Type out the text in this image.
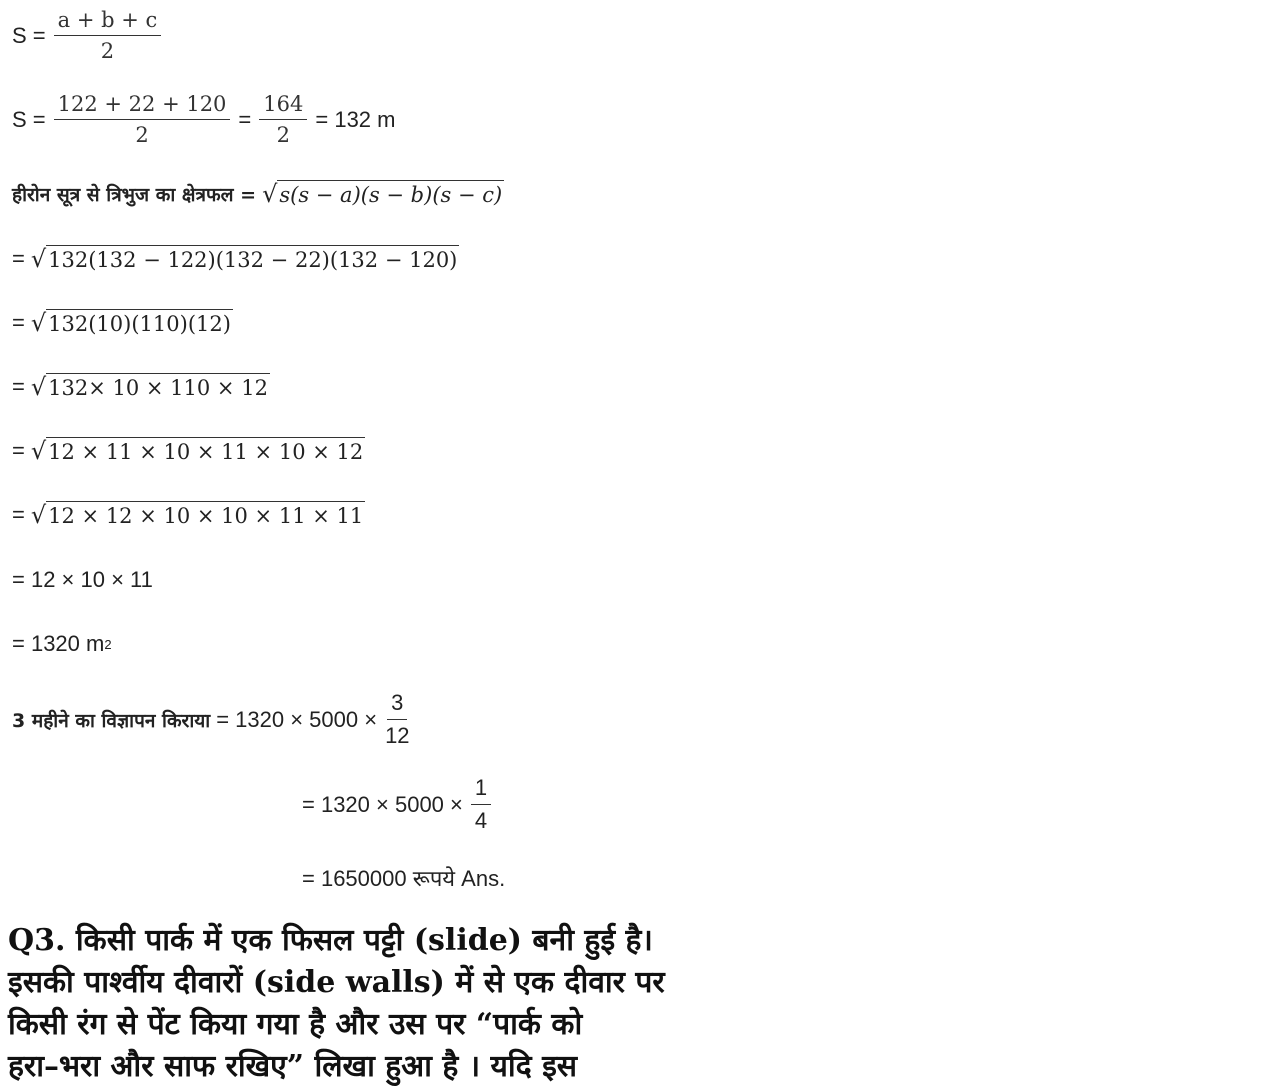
$S = \frac{a + b + c}{2}$
$S = \frac{122 + 22 + 120}{2} = \frac{164}{2} = 132$ m
हीरोन सूत्र से त्रिभुज का क्षेत्रफल = √ s(s − a)(s − b)(s − c)
= √ 132(132 − 122)(132 − 22)(132 − 120)
= √ 132(10)(110)(12)
= √ 132× 10 × 110 × 12
= √ 12 × 11 × 10 × 11 × 10 × 12
= √ 12 × 12 × 10 × 10 × 11 × 11
= 12 × 10 × 11
= 1320 m 2
3 महीने का विज्ञापन किराया = $1320 \times 5000 \times \frac{3}{12}$
= $1320 \times 5000 \times \frac{1}{4}$
= 1650000 रूपये Ans.
Q3. किसी पार्क में एक फिसल पट्टी (slide) बनी हुई है।
इसकी पार्श्वीय दीवारों (side walls) में से एक दीवार पर
किसी रंग से पेंट किया गया है और उस पर “पार्क को
हरा–भरा और साफ रखिए” लिखा हुआ है । यदि इस
